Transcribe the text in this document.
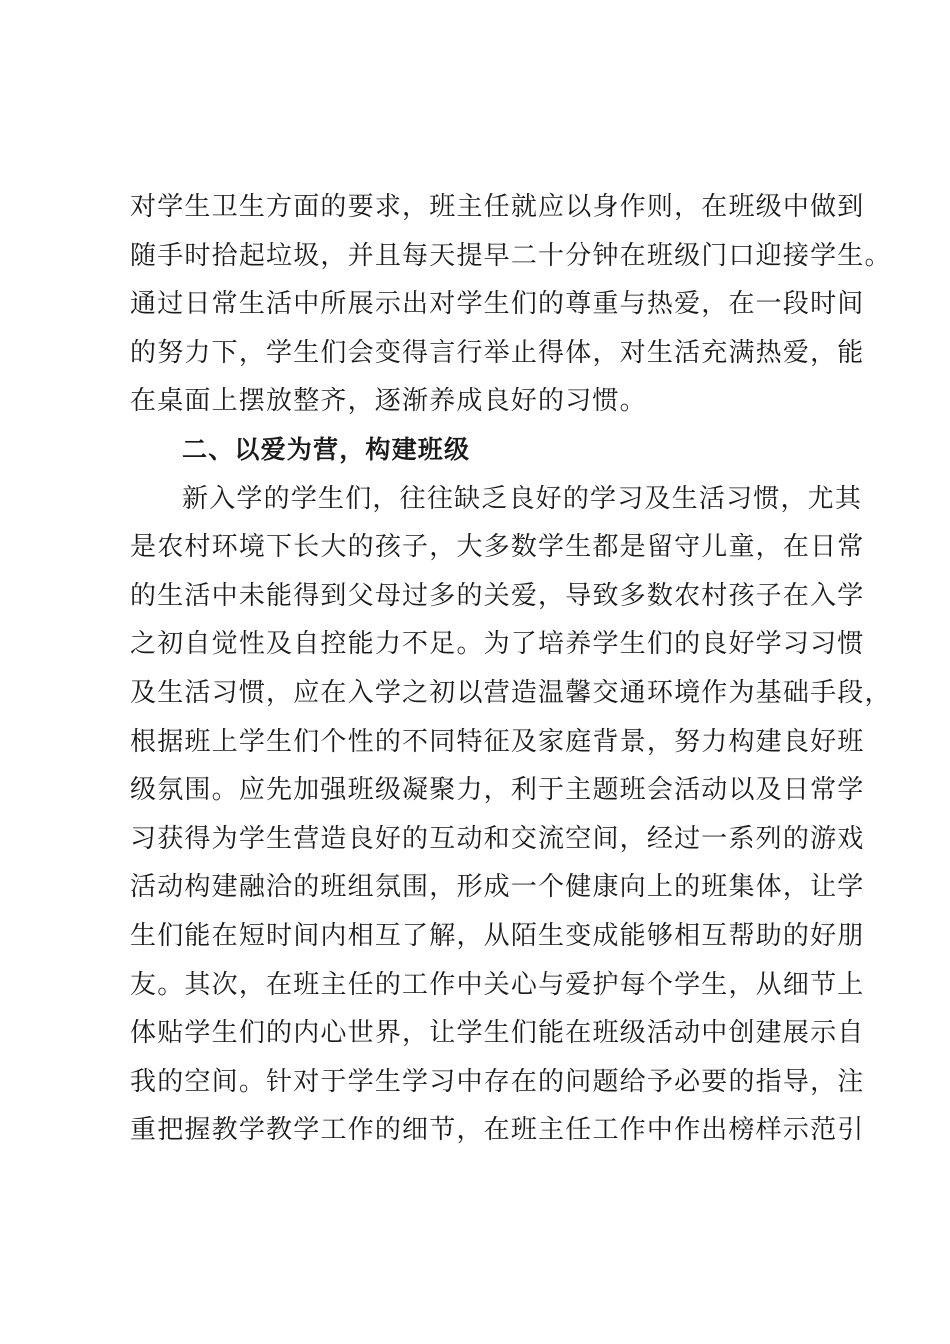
对 学 生 卫 生 方 面 的 要 求 ， 班 主 任 就 应 以 身 作 则 ， 在 班 级 中 做 到
随 手 时 拾 起 垃 圾 ， 并 且 每 天 提 早 二 十 分 钟 在 班 级 门 口 迎 接 学 生 。
通 过 日 常 生 活 中 所 展 示 出 对 学 生 们 的 尊 重 与 热 爱 ， 在 一 段 时 间
的 努 力 下 ， 学 生 们 会 变 得 言 行 举 止 得 体 ， 对 生 活 充 满 热 爱 ， 能
在桌面上摆放整齐，逐渐养成良好的习惯。
二、以爱为营，构建班级
新 入 学 的 学 生 们 ， 往 往 缺 乏 良 好 的 学 习 及 生 活 习 惯 ， 尤 其
是 农 村 环 境 下 长 大 的 孩 子 ， 大 多 数 学 生 都 是 留 守 儿 童 ， 在 日 常
的 生 活 中 未 能 得 到 父 母 过 多 的 关 爱 ， 导 致 多 数 农 村 孩 子 在 入 学
之 初 自 觉 性 及 自 控 能 力 不 足 。 为 了 培 养 学 生 们 的 良 好 学 习 习 惯
及 生 活 习 惯 ， 应 在 入 学 之 初 以 营 造 温 馨 交 通 环 境 作 为 基 础 手 段 ，
根 据 班 上 学 生 们 个 性 的 不 同 特 征 及 家 庭 背 景 ， 努 力 构 建 良 好 班
级 氛 围 。 应 先 加 强 班 级 凝 聚 力 ， 利 于 主 题 班 会 活 动 以 及 日 常 学
习 获 得 为 学 生 营 造 良 好 的 互 动 和 交 流 空 间 ， 经 过 一 系 列 的 游 戏
活 动 构 建 融 洽 的 班 组 氛 围 ， 形 成 一 个 健 康 向 上 的 班 集 体 ， 让 学
生 们 能 在 短 时 间 内 相 互 了 解 ， 从 陌 生 变 成 能 够 相 互 帮 助 的 好 朋
友 。 其 次 ， 在 班 主 任 的 工 作 中 关 心 与 爱 护 每 个 学 生 ， 从 细 节 上
体 贴 学 生 们 的 内 心 世 界 ， 让 学 生 们 能 在 班 级 活 动 中 创 建 展 示 自
我 的 空 间 。 针 对 于 学 生 学 习 中 存 在 的 问 题 给 予 必 要 的 指 导 ， 注
重 把 握 教 学 教 学 工 作 的 细 节 ， 在 班 主 任 工 作 中 作 出 榜 样 示 范 引
